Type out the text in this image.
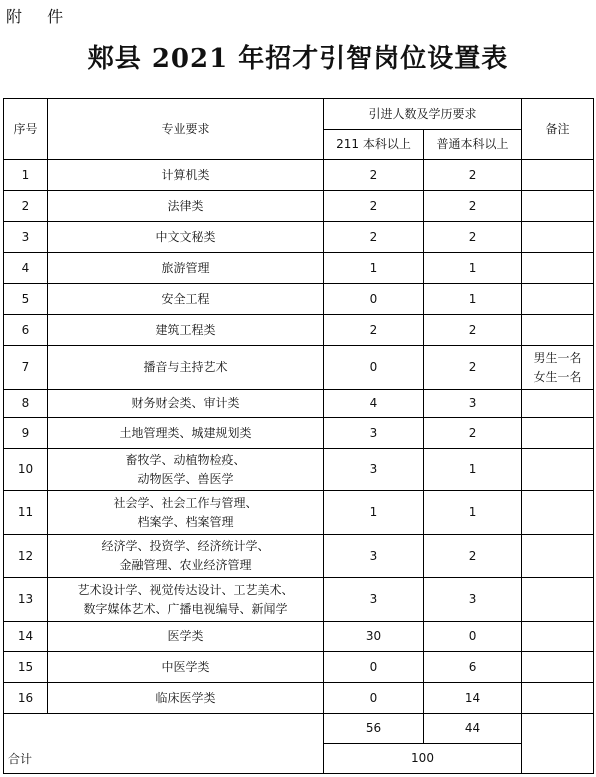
附 件
郏县 2021 年招才引智岗位设置表
序号	专业要求	引进人数及学历要求		备注
		211 本科以上	普通本科以上	
1	计算机类	2	2	
2	法律类	2	2	
3	中文文秘类	2	2	
4	旅游管理	1	1	
5	安全工程	0	1	
6	建筑工程类	2	2	
7	播音与主持艺术	0	2	男生一名
女生一名

8	财务财会类、审计类	4	3	
9	土地管理类、城建规划类	3	2	
10	畜牧学、动植物检疫、
动物医学、兽医学	3	1	
11	社会学、社会工作与管理、
档案学、档案管理	1	1	
12	经济学、投资学、经济统计学、
金融管理、农业经济管理	3	2	
13	艺术设计学、视觉传达设计、工艺美术、
数字媒体艺术、广播电视编导、新闻学	3	3	
14	医学类	30	0	
15	中医学类	0	6	
16	临床医学类	0	14	
合计		56	44	
		100		
